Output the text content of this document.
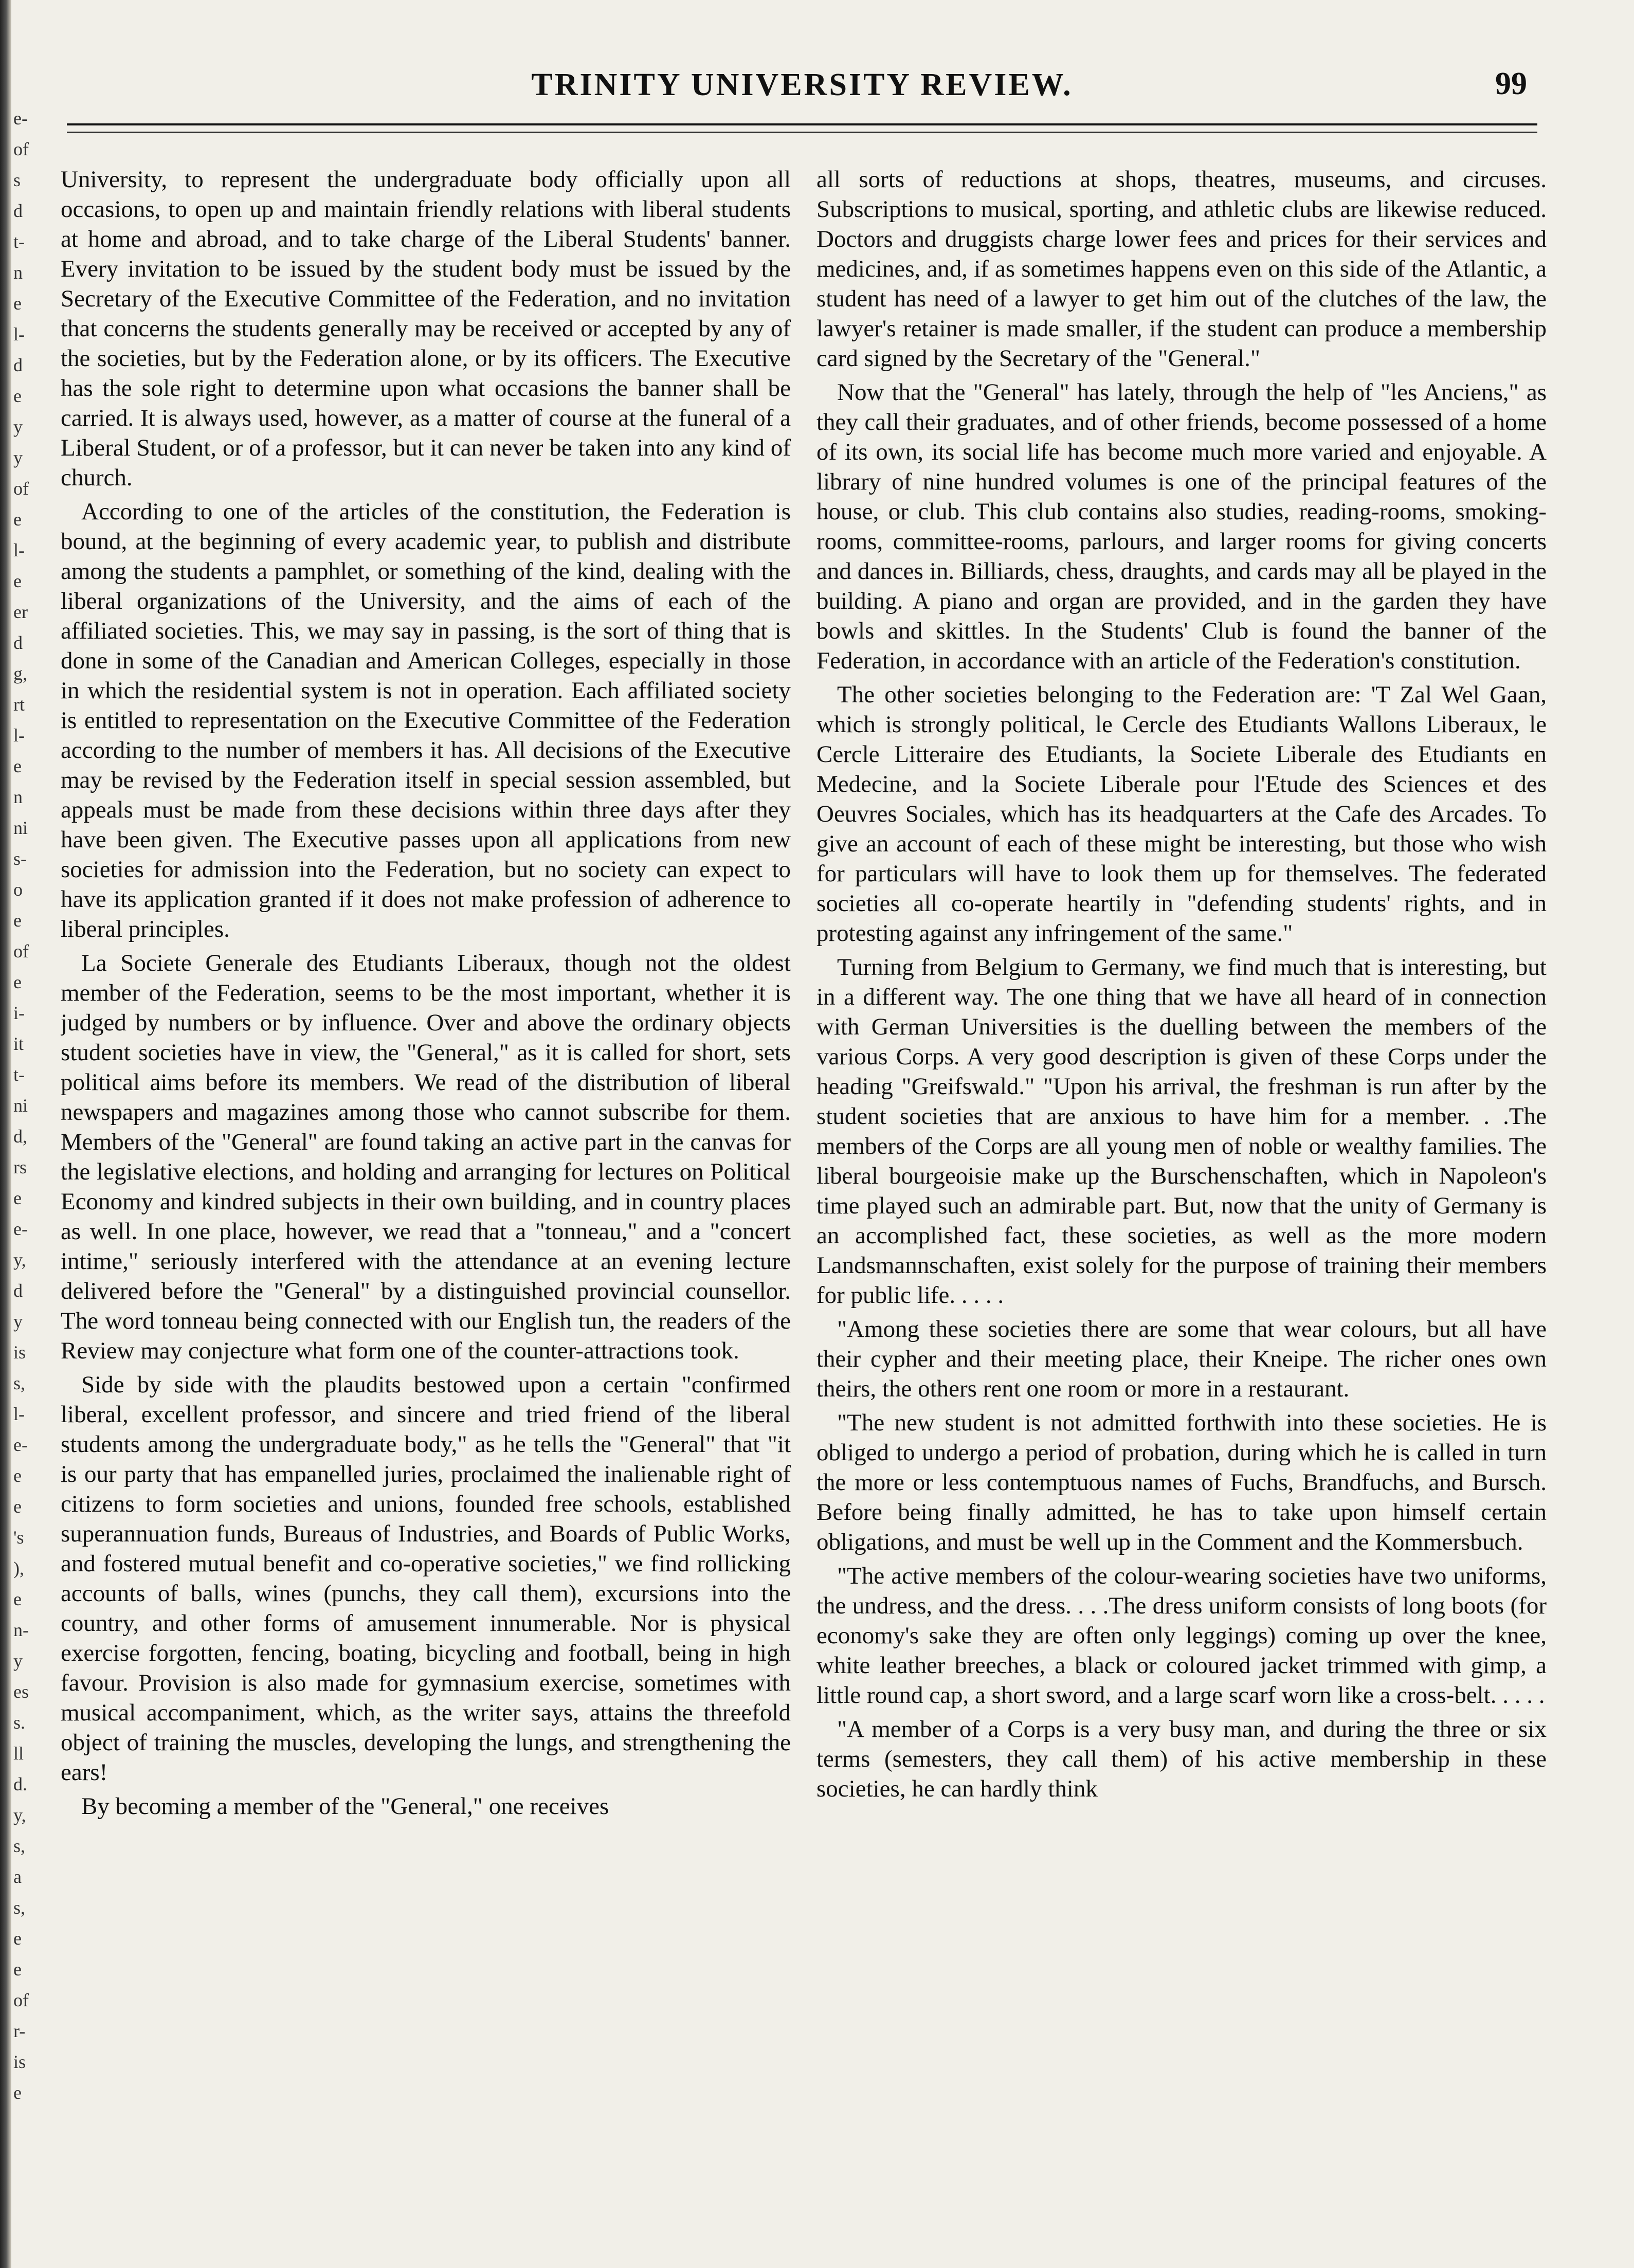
e-
of
s
d
t-
n
e
l-
d
e
y
y
of
e
l-
e
er
d
g,
rt
l-
e
n
ni
s-
o
e
of
e
i-
it
t-
ni
d,
rs
e
e-
y,
d
y
is
s,
l-
e-
e
e
's
),
e
n-
y
es
s.
ll
d.
y,
s,
a
s,
e
e
of
r-
is
e
TRINITY UNIVERSITY REVIEW.	99

University, to represent the undergraduate body officially upon all occasions, to open up and maintain friendly relations with liberal students at home and abroad, and to take charge of the Liberal Students' banner. Every invitation to be issued by the student body must be issued by the Secretary of the Executive Committee of the Federation, and no invitation that concerns the students generally may be received or accepted by any of the societies, but by the Federation alone, or by its officers. The Executive has the sole right to determine upon what occasions the banner shall be carried. It is always used, however, as a matter of course at the funeral of a Liberal Student, or of a professor, but it can never be taken into any kind of church.

According to one of the articles of the constitution, the Federation is bound, at the beginning of every academic year, to publish and distribute among the students a pamphlet, or something of the kind, dealing with the liberal organizations of the University, and the aims of each of the affiliated societies. This, we may say in passing, is the sort of thing that is done in some of the Canadian and American Colleges, especially in those in which the residential system is not in operation. Each affiliated society is entitled to representation on the Executive Committee of the Federation according to the number of members it has. All decisions of the Executive may be revised by the Federation itself in special session assembled, but appeals must be made from these decisions within three days after they have been given. The Executive passes upon all applications from new societies for admission into the Federation, but no society can expect to have its application granted if it does not make profession of adherence to liberal principles.

La Societe Generale des Etudiants Liberaux, though not the oldest member of the Federation, seems to be the most important, whether it is judged by numbers or by influence. Over and above the ordinary objects student societies have in view, the "General," as it is called for short, sets political aims before its members. We read of the distribution of liberal newspapers and magazines among those who cannot subscribe for them. Members of the "General" are found taking an active part in the canvas for the legislative elections, and holding and arranging for lectures on Political Economy and kindred subjects in their own building, and in country places as well. In one place, however, we read that a "tonneau," and a "concert intime," seriously interfered with the attendance at an evening lecture delivered before the "General" by a distinguished provincial counsellor. The word tonneau being connected with our English tun, the readers of the Review may conjecture what form one of the counter-attractions took.

Side by side with the plaudits bestowed upon a certain "confirmed liberal, excellent professor, and sincere and tried friend of the liberal students among the undergraduate body," as he tells the "General" that "it is our party that has empanelled juries, proclaimed the inalienable right of citizens to form societies and unions, founded free schools, established superannuation funds, Bureaus of Industries, and Boards of Public Works, and fostered mutual benefit and co-operative societies," we find rollicking accounts of balls, wines (punchs, they call them), excursions into the country, and other forms of amusement innumerable. Nor is physical exercise forgotten, fencing, boating, bicycling and football, being in high favour. Provision is also made for gymnasium exercise, sometimes with musical accompaniment, which, as the writer says, attains the threefold object of training the muscles, developing the lungs, and strengthening the ears!

By becoming a member of the "General," one receives

all sorts of reductions at shops, theatres, museums, and circuses. Subscriptions to musical, sporting, and athletic clubs are likewise reduced. Doctors and druggists charge lower fees and prices for their services and medicines, and, if as sometimes happens even on this side of the Atlantic, a student has need of a lawyer to get him out of the clutches of the law, the lawyer's retainer is made smaller, if the student can produce a membership card signed by the Secretary of the "General."

Now that the "General" has lately, through the help of "les Anciens," as they call their graduates, and of other friends, become possessed of a home of its own, its social life has become much more varied and enjoyable. A library of nine hundred volumes is one of the principal features of the house, or club. This club contains also studies, reading-rooms, smoking-rooms, committee-rooms, parlours, and larger rooms for giving concerts and dances in. Billiards, chess, draughts, and cards may all be played in the building. A piano and organ are provided, and in the garden they have bowls and skittles. In the Students' Club is found the banner of the Federation, in accordance with an article of the Federation's constitution.

The other societies belonging to the Federation are: 'T Zal Wel Gaan, which is strongly political, le Cercle des Etudiants Wallons Liberaux, le Cercle Litteraire des Etudiants, la Societe Liberale des Etudiants en Medecine, and la Societe Liberale pour l'Etude des Sciences et des Oeuvres Sociales, which has its headquarters at the Cafe des Arcades. To give an account of each of these might be interesting, but those who wish for particulars will have to look them up for themselves. The federated societies all co-operate heartily in "defending students' rights, and in protesting against any infringement of the same."

Turning from Belgium to Germany, we find much that is interesting, but in a different way. The one thing that we have all heard of in connection with German Universities is the duelling between the members of the various Corps. A very good description is given of these Corps under the heading "Greifswald." "Upon his arrival, the freshman is run after by the student societies that are anxious to have him for a member. . .The members of the Corps are all young men of noble or wealthy families. The liberal bourgeoisie make up the Burschenschaften, which in Napoleon's time played such an admirable part. But, now that the unity of Germany is an accomplished fact, these societies, as well as the more modern Landsmannschaften, exist solely for the purpose of training their members for public life. . . . .

"Among these societies there are some that wear colours, but all have their cypher and their meeting place, their Kneipe. The richer ones own theirs, the others rent one room or more in a restaurant.

"The new student is not admitted forthwith into these societies. He is obliged to undergo a period of probation, during which he is called in turn the more or less contemptuous names of Fuchs, Brandfuchs, and Bursch. Before being finally admitted, he has to take upon himself certain obligations, and must be well up in the Comment and the Kommersbuch.

"The active members of the colour-wearing societies have two uniforms, the undress, and the dress. . . .The dress uniform consists of long boots (for economy's sake they are often only leggings) coming up over the knee, white leather breeches, a black or coloured jacket trimmed with gimp, a little round cap, a short sword, and a large scarf worn like a cross-belt. . . . .

"A member of a Corps is a very busy man, and during the three or six terms (semesters, they call them) of his active membership in these societies, he can hardly think
